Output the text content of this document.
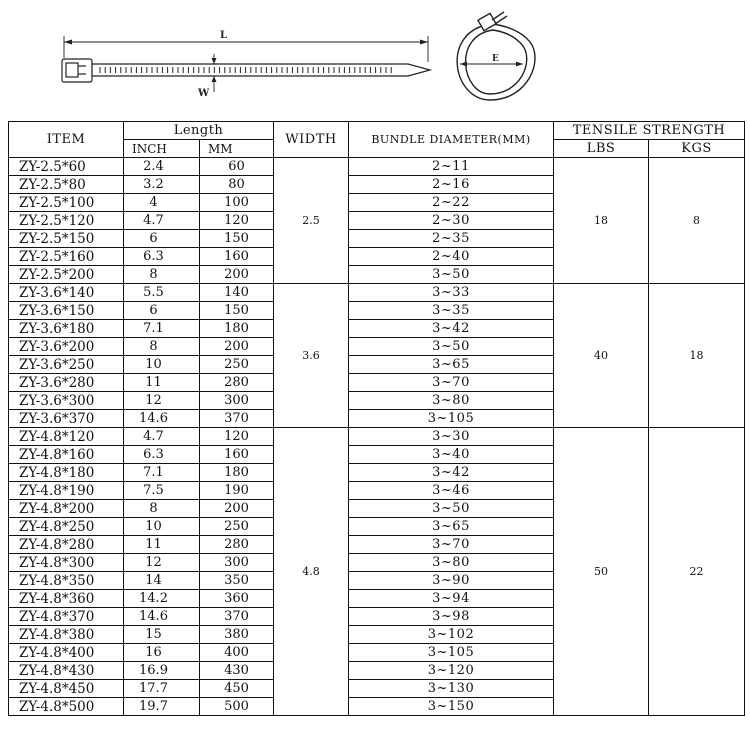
L
W
E
ITEM	Length		WIDTH	BUNDLE DIAMETER(MM)	TENSILE STRENGTH	
	INCH	MM			LBS	KGS
ZY-2.5*60	2.4	60	2.5	2~11	18	8
ZY-2.5*80	3.2	80		2~16		
ZY-2.5*100	4	100		2~22		
ZY-2.5*120	4.7	120		2~30		
ZY-2.5*150	6	150		2~35		
ZY-2.5*160	6.3	160		2~40		
ZY-2.5*200	8	200		3~50		
ZY-3.6*140	5.5	140	3.6	3~33	40	18
ZY-3.6*150	6	150		3~35		
ZY-3.6*180	7.1	180		3~42		
ZY-3.6*200	8	200		3~50		
ZY-3.6*250	10	250		3~65		
ZY-3.6*280	11	280		3~70		
ZY-3.6*300	12	300		3~80		
ZY-3.6*370	14.6	370		3~105		
ZY-4.8*120	4.7	120	4.8	3~30	50	22
ZY-4.8*160	6.3	160		3~40		
ZY-4.8*180	7.1	180		3~42		
ZY-4.8*190	7.5	190		3~46		
ZY-4.8*200	8	200		3~50		
ZY-4.8*250	10	250		3~65		
ZY-4.8*280	11	280		3~70		
ZY-4.8*300	12	300		3~80		
ZY-4.8*350	14	350		3~90		
ZY-4.8*360	14.2	360		3~94		
ZY-4.8*370	14.6	370		3~98		
ZY-4.8*380	15	380		3~102		
ZY-4.8*400	16	400		3~105		
ZY-4.8*430	16.9	430		3~120		
ZY-4.8*450	17.7	450		3~130		
ZY-4.8*500	19.7	500		3~150		
